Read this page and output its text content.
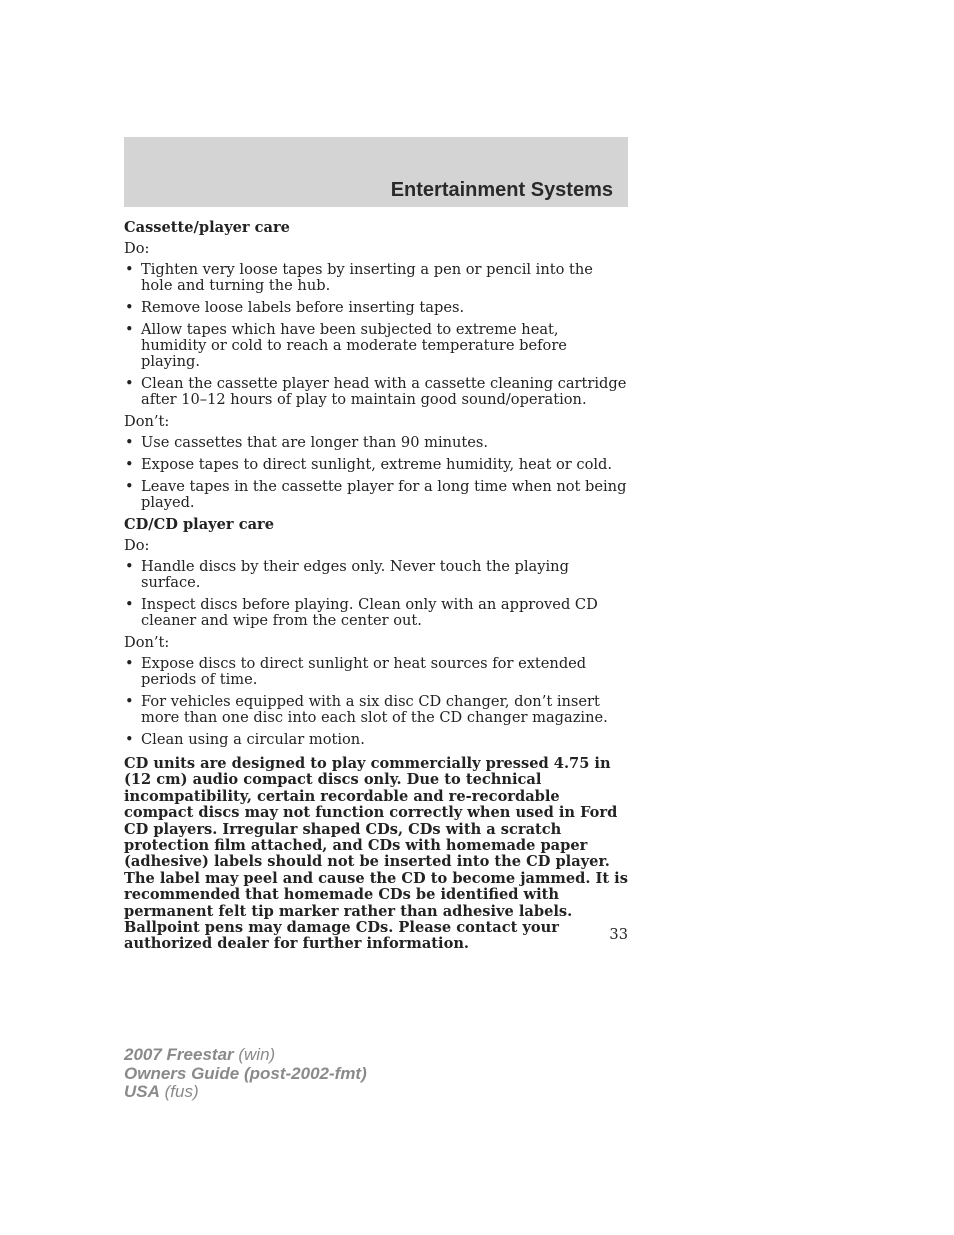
Entertainment Systems
Cassette/player care
Do:
• Tighten very loose tapes by inserting a pen or pencil into the hole and turning the hub.
• Remove loose labels before inserting tapes.
• Allow tapes which have been subjected to extreme heat, humidity or cold to reach a moderate temperature before playing.
• Clean the cassette player head with a cassette cleaning cartridge after 10–12 hours of play to maintain good sound/operation.
Don’t:
• Use cassettes that are longer than 90 minutes.
• Expose tapes to direct sunlight, extreme humidity, heat or cold.
• Leave tapes in the cassette player for a long time when not being played.
CD/CD player care
Do:
• Handle discs by their edges only. Never touch the playing surface.
• Inspect discs before playing. Clean only with an approved CD cleaner and wipe from the center out.
Don’t:
• Expose discs to direct sunlight or heat sources for extended periods of time.
• For vehicles equipped with a six disc CD changer, don’t insert more than one disc into each slot of the CD changer magazine.
• Clean using a circular motion.
CD units are designed to play commercially pressed 4.75 in (12 cm) audio compact discs only. Due to technical incompatibility, certain recordable and re-recordable compact discs may not function correctly when used in Ford CD players. Irregular shaped CDs, CDs with a scratch protection film attached, and CDs with homemade paper (adhesive) labels should not be inserted into the CD player. The label may peel and cause the CD to become jammed. It is recommended that homemade CDs be identified with permanent felt tip marker rather than adhesive labels. Ballpoint pens may damage CDs. Please contact your authorized dealer for further information.
33
2007 Freestar (win)
Owners Guide (post-2002-fmt)
USA (fus)
